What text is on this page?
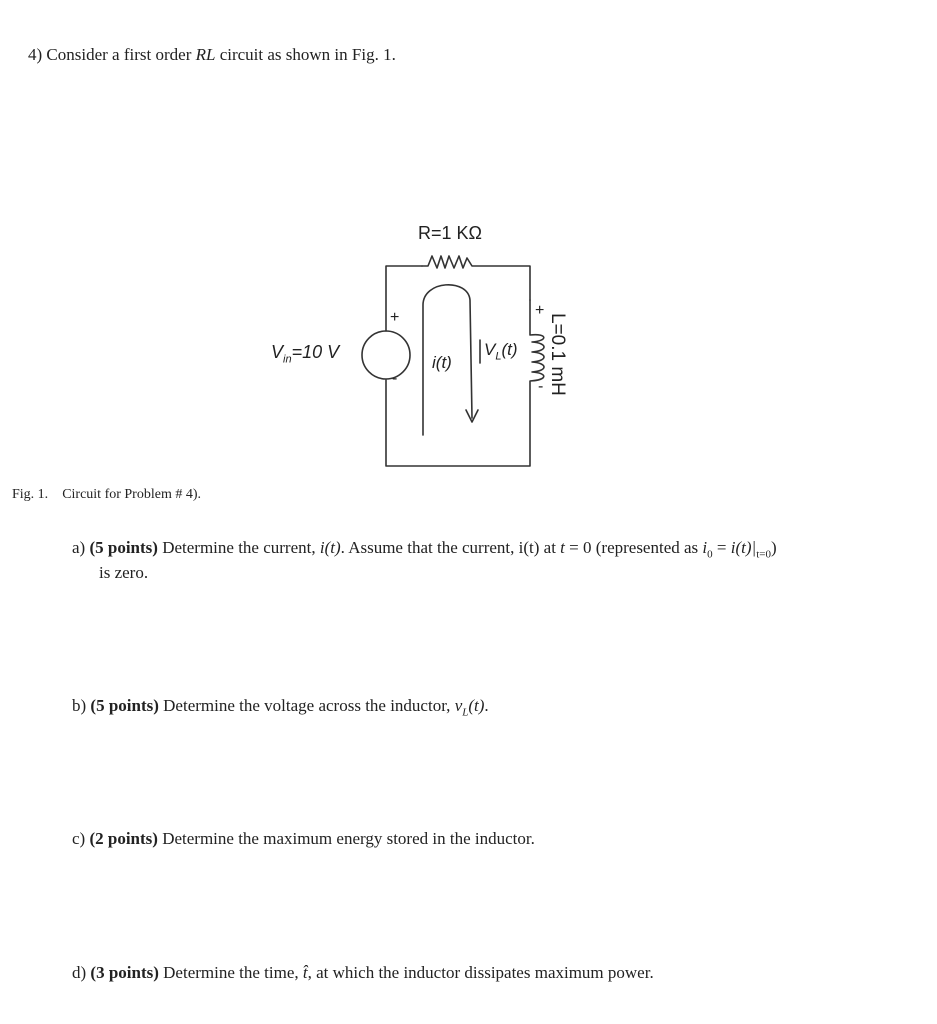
4) Consider a first order RL circuit as shown in Fig. 1.
R=1 KΩ
$V_{in}=10$ V
+
-
i(t)
$V_L(t)$
+
- L=0.1 mH
Fig. 1. Circuit for Problem # 4).
a) (5 points) Determine the current, i(t). Assume that the current, i(t) at t = 0 (represented as $i_0 = i(t)|_{t=0}$)
is zero.
b) (5 points) Determine the voltage across the inductor, $v_L(t)$.
c) (2 points) Determine the maximum energy stored in the inductor.
d) (3 points) Determine the time, t̂, at which the inductor dissipates maximum power.
